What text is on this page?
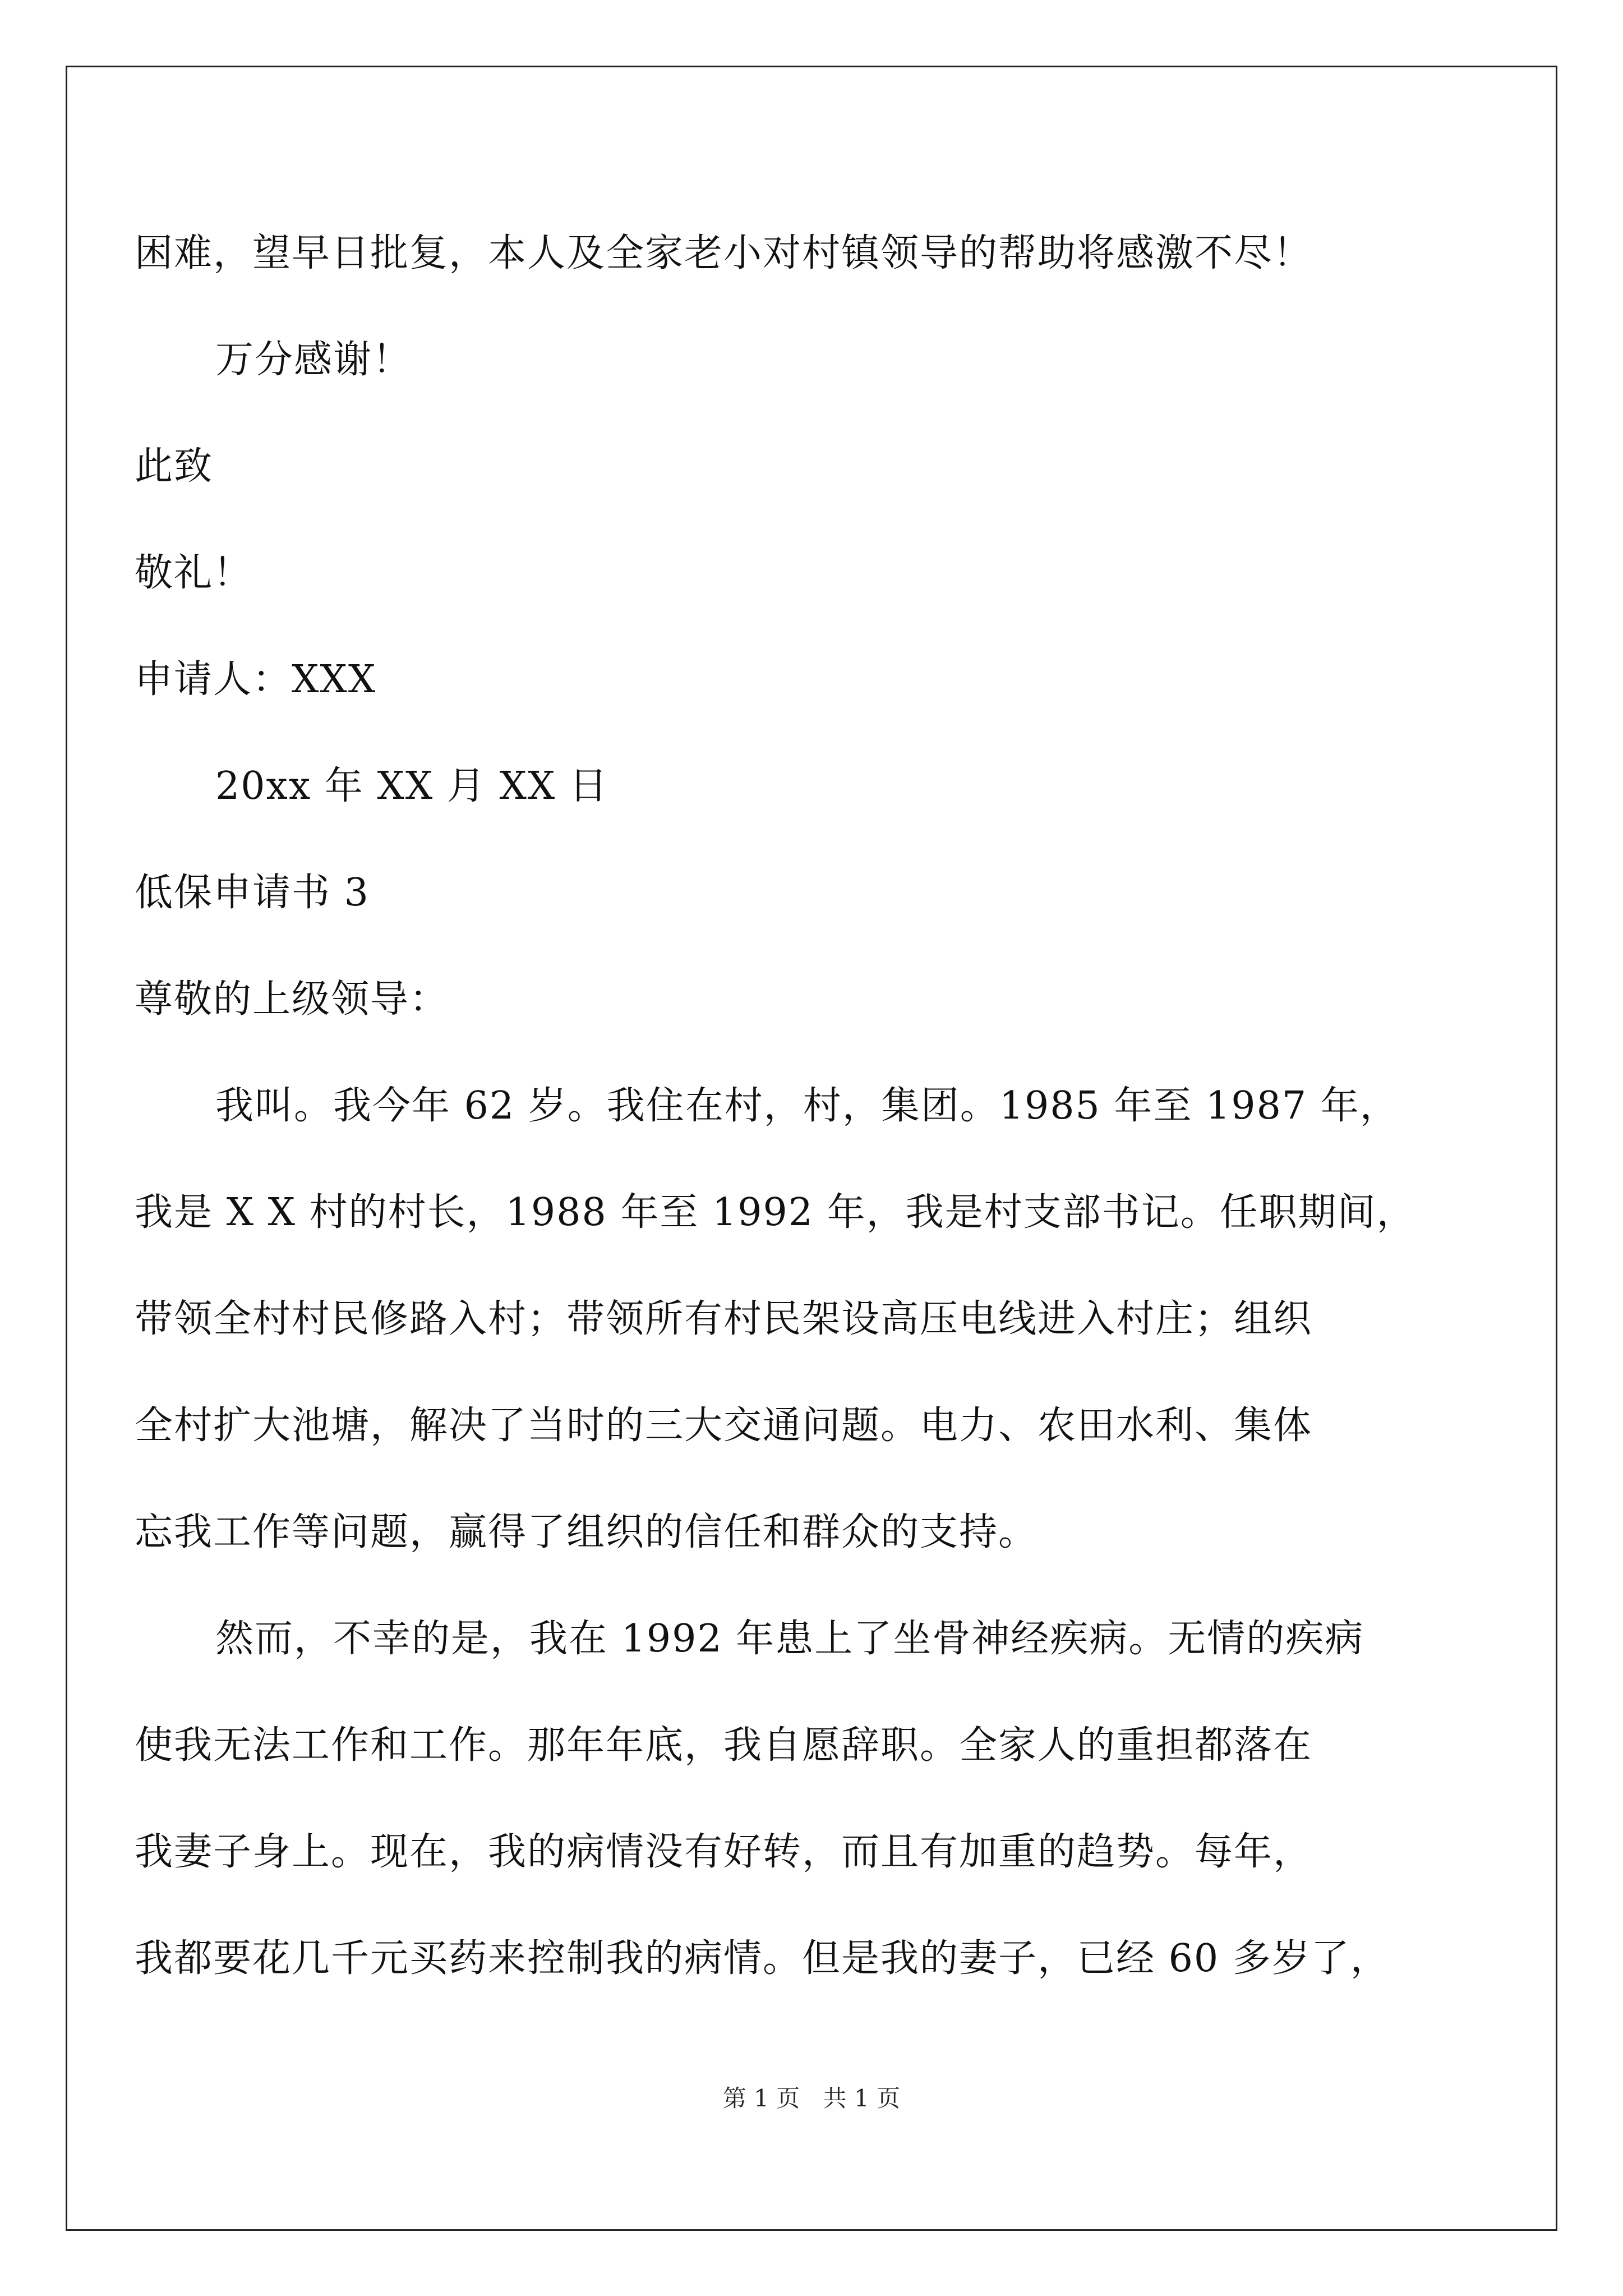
困难，望早日批复，本人及全家老小对村镇领导的帮助将感激不尽！
万分感谢！
此致
敬礼！
申请人：XXX
20xx 年 XX 月 XX 日
低保申请书 3
尊敬的上级领导：
我叫。我今年 62 岁。我住在村，村，集团。1985 年至 1987 年，
我是 X X 村的村长，1988 年至 1992 年，我是村支部书记。任职期间，
带领全村村民修路入村；带领所有村民架设高压电线进入村庄；组织
全村扩大池塘，解决了当时的三大交通问题。电力、农田水利、集体
忘我工作等问题，赢得了组织的信任和群众的支持。
然而，不幸的是，我在 1992 年患上了坐骨神经疾病。无情的疾病
使我无法工作和工作。那年年底，我自愿辞职。全家人的重担都落在
我妻子身上。现在，我的病情没有好转，而且有加重的趋势。每年，
我都要花几千元买药来控制我的病情。但是我的妻子，已经 60 多岁了，
第 1 页 共 1 页
